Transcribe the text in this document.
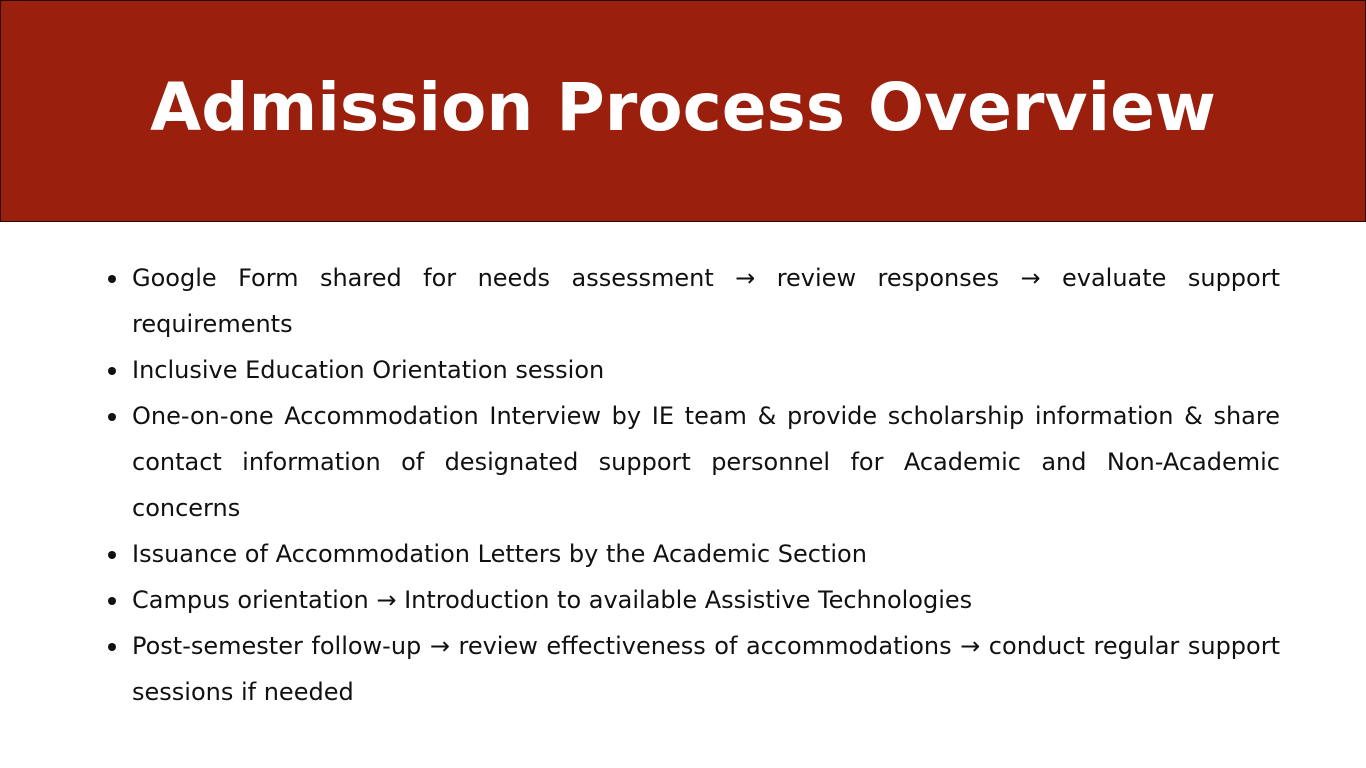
Admission Process Overview
Google Form shared for needs assessment → review responses → evaluate support requirements
Inclusive Education Orientation session
One-on-one Accommodation Interview by IE team & provide scholarship information & share contact information of designated support personnel for Academic and Non-Academic concerns
Issuance of Accommodation Letters by the Academic Section
Campus orientation → Introduction to available Assistive Technologies
Post-semester follow-up → review effectiveness of accommodations → conduct regular support sessions if needed
